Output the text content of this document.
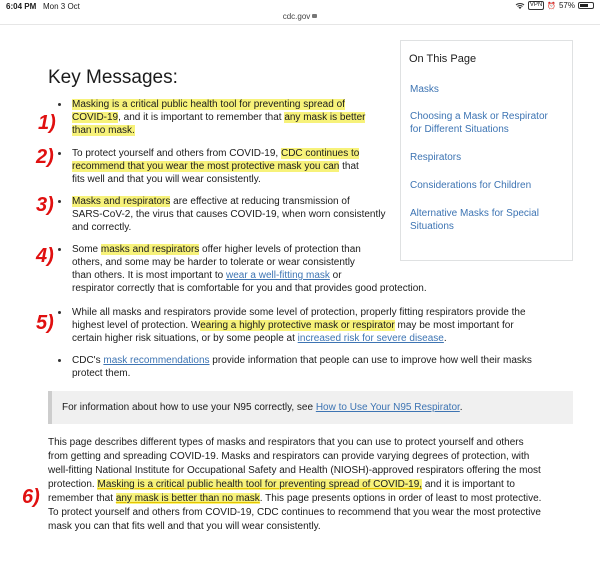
6:04 PM Mon 3 Oct	VPN ⏰ 57%
cdc.gov
On This Page
Masks
Choosing a Mask or Respirator
for Different Situations
Respirators
Considerations for Children
Alternative Masks for Special
Situations
Key Messages:
1)
2)
3)
4)
5)
6)
Masking is a critical public health tool for preventing spread of
COVID-19, and it is important to remember that any mask is better
than no mask.
To protect yourself and others from COVID-19, CDC continues to
recommend that you wear the most protective mask you can that
fits well and that you will wear consistently.
Masks and respirators are effective at reducing transmission of
SARS-CoV-2, the virus that causes COVID-19, when worn consistently
and correctly.
Some masks and respirators offer higher levels of protection than
others, and some may be harder to tolerate or wear consistently
than others. It is most important to wear a well-fitting mask or
respirator correctly that is comfortable for you and that provides good protection.
While all masks and respirators provide some level of protection, properly fitting respirators provide the
highest level of protection. Wearing a highly protective mask or respirator may be most important for
certain higher risk situations, or by some people at increased risk for severe disease.
CDC's mask recommendations provide information that people can use to improve how well their masks
protect them.
For information about how to use your N95 correctly, see How to Use Your N95 Respirator.
This page describes different types of masks and respirators that you can use to protect yourself and others
from getting and spreading COVID-19. Masks and respirators can provide varying degrees of protection, with
well-fitting National Institute for Occupational Safety and Health (NIOSH)-approved respirators offering the most
protection. Masking is a critical public health tool for preventing spread of COVID-19, and it is important to
remember that any mask is better than no mask. This page presents options in order of least to most protective.
To protect yourself and others from COVID-19, CDC continues to recommend that you wear the most protective
mask you can that fits well and that you will wear consistently.
